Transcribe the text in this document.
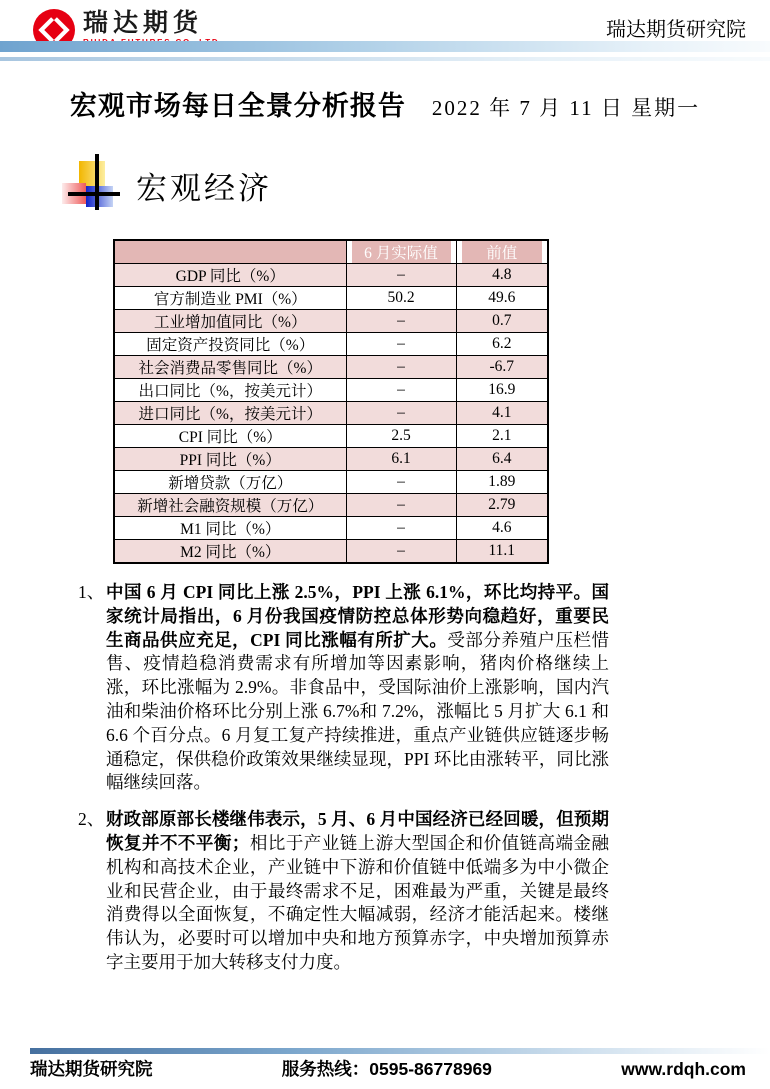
瑞达期货	瑞达期货研究院
宏观市场每日全景分析报告 2022 年 7 月 11 日 星期一
宏观经济
	6 月实际值	前值
GDP 同比（%）	–	4.8
官方制造业 PMI（%）	50.2	49.6
工业增加值同比（%）	–	0.7
固定资产投资同比（%）	–	6.2
社会消费品零售同比（%）	–	-6.7
出口同比（%，按美元计）	–	16.9
进口同比（%，按美元计）	–	4.1
CPI 同比（%）	2.5	2.1
PPI 同比（%）	6.1	6.4
新增贷款（万亿）	–	1.89
新增社会融资规模（万亿）	–	2.79
M1 同比（%）	–	4.6
M2 同比（%）	–	11.1
1、 中国 6 月 CPI 同比上涨 2.5%，PPI 上涨 6.1%，环比均持平。国家统计局指出，6 月份我国疫情防控总体形势向稳趋好，重要民生商品供应充足，CPI 同比涨幅有所扩大。受部分养殖户压栏惜售、疫情趋稳消费需求有所增加等因素影响，猪肉价格继续上涨，环比涨幅为 2.9%。非食品中，受国际油价上涨影响，国内汽油和柴油价格环比分别上涨 6.7%和 7.2%，涨幅比 5 月扩大 6.1 和 6.6 个百分点。6 月复工复产持续推进，重点产业链供应链逐步畅通稳定，保供稳价政策效果继续显现，PPI 环比由涨转平，同比涨幅继续回落。
2、 财政部原部长楼继伟表示，5 月、6 月中国经济已经回暖，但预期恢复并不不平衡；相比于产业链上游大型国企和价值链高端金融机构和高技术企业，产业链中下游和价值链中低端多为中小微企业和民营企业，由于最终需求不足，困难最为严重，关键是最终消费得以全面恢复，不确定性大幅减弱，经济才能活起来。楼继伟认为，必要时可以增加中央和地方预算赤字，中央增加预算赤字主要用于加大转移支付力度。
瑞达期货研究院	服务热线：0595-86778969	www.rdqh.com
